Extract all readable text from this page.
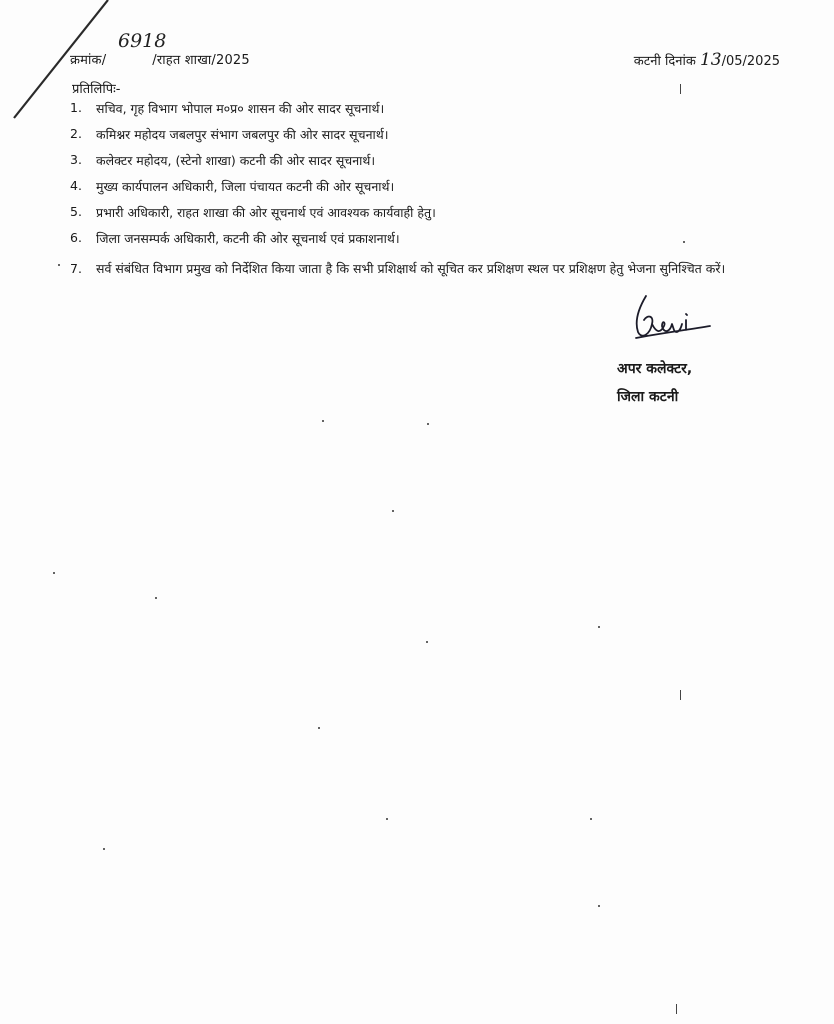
6918
क्रमांक/	/राहत शाखा/2025	कटनी दिनांक 13/05/2025
प्रतिलिपिः-
1.	सचिव, गृह विभाग भोपाल म०प्र० शासन की ओर सादर सूचनार्थ।
2.	कमिश्नर महोदय जबलपुर संभाग जबलपुर की ओर सादर सूचनार्थ।
3.	कलेक्टर महोदय, (स्टेनो शाखा) कटनी की ओर सादर सूचनार्थ।
4.	मुख्य कार्यपालन अधिकारी, जिला पंचायत कटनी की ओर सूचनार्थ।
5.	प्रभारी अधिकारी, राहत शाखा की ओर सूचनार्थ एवं आवश्यक कार्यवाही हेतु।
6.	जिला जनसम्पर्क अधिकारी, कटनी की ओर सूचनार्थ एवं प्रकाशनार्थ।
7.	सर्व संबंधित विभाग प्रमुख को निर्देशित किया जाता है कि सभी प्रशिक्षार्थ को सूचित कर प्रशिक्षण स्थल पर प्रशिक्षण हेतु भेजना सुनिश्चित करें।
अपर कलेक्टर,
जिला कटनी
